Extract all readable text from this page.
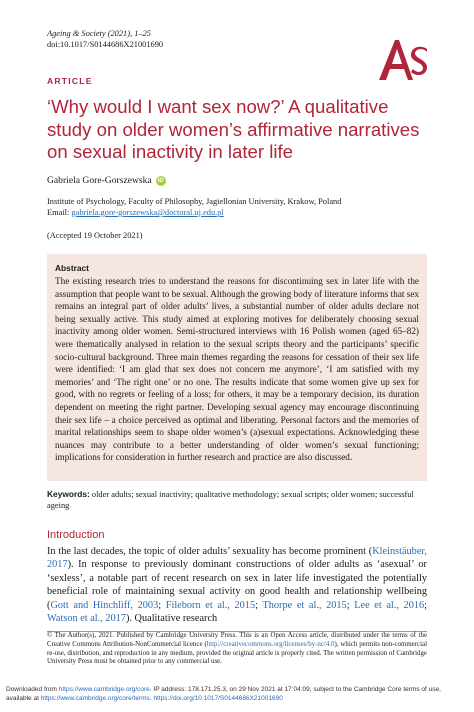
Ageing & Society (2021), 1–25
doi:10.1017/S0144686X21001690
ARTICLE
‘Why would I want sex now?’ A qualitative study on older women’s affirmative narratives on sexual inactivity in later life
Gabriela Gore-Gorszewska	iD
Institute of Psychology, Faculty of Philosophy, Jagiellonian University, Krakow, Poland
Email: gabriela.gore-gorszewska@doctoral.uj.edu.pl
(Accepted 19 October 2021)
Abstract
The existing research tries to understand the reasons for discontinuing sex in later life with the assumption that people want to be sexual. Although the growing body of literature informs that sex remains an integral part of older adults’ lives, a substantial number of older adults declare not being sexually active. This study aimed at exploring motives for deliberately choosing sexual inactivity among older women. Semi-structured interviews with 16 Polish women (aged 65–82) were thematically analysed in relation to the sexual scripts theory and the participants’ specific socio-cultural background. Three main themes regarding the reasons for cessation of their sex life were identified: ‘I am glad that sex does not concern me anymore’, ‘I am satisfied with my memories’ and ‘The right one’ or no one. The results indicate that some women give up sex for good, with no regrets or feeling of a loss; for others, it may be a temporary decision, its duration dependent on meeting the right partner. Developing sexual agency may encourage discontinuing their sex life – a choice perceived as optimal and liberating. Personal factors and the memories of marital relationships seem to shape older women’s (a)sexual expectations. Acknowledging these nuances may contribute to a better understanding of older women’s sexual functioning; implications for consideration in further research and practice are also discussed.
Keywords: older adults; sexual inactivity; qualitative methodology; sexual scripts; older women; successful ageing
Introduction
In the last decades, the topic of older adults’ sexuality has become prominent (Kleinstäuber, 2017). In response to previously dominant constructions of older adults as ‘asexual’ or ‘sexless’, a notable part of recent research on sex in later life investigated the potentially beneficial role of maintaining sexual activity on good health and relationship wellbeing (Gott and Hinchliff, 2003; Fileborn et al., 2015; Thorpe et al., 2015; Lee et al., 2016; Watson et al., 2017). Qualitative research
© The Author(s), 2021. Published by Cambridge University Press. This is an Open Access article, distributed under the terms of the Creative Commons Attribution-NonCommercial licence (http://creativecommons.org/licenses/by-nc/4.0), which permits non-commercial re-use, distribution, and reproduction in any medium, provided the original article is properly cited. The written permission of Cambridge University Press must be obtained prior to any commercial use.
Downloaded from https://www.cambridge.org/core. IP address: 178.171.25.3, on 29 Nov 2021 at 17:04:09, subject to the Cambridge Core terms of use, available at https://www.cambridge.org/core/terms. https://doi.org/10.1017/S0144686X21001690
